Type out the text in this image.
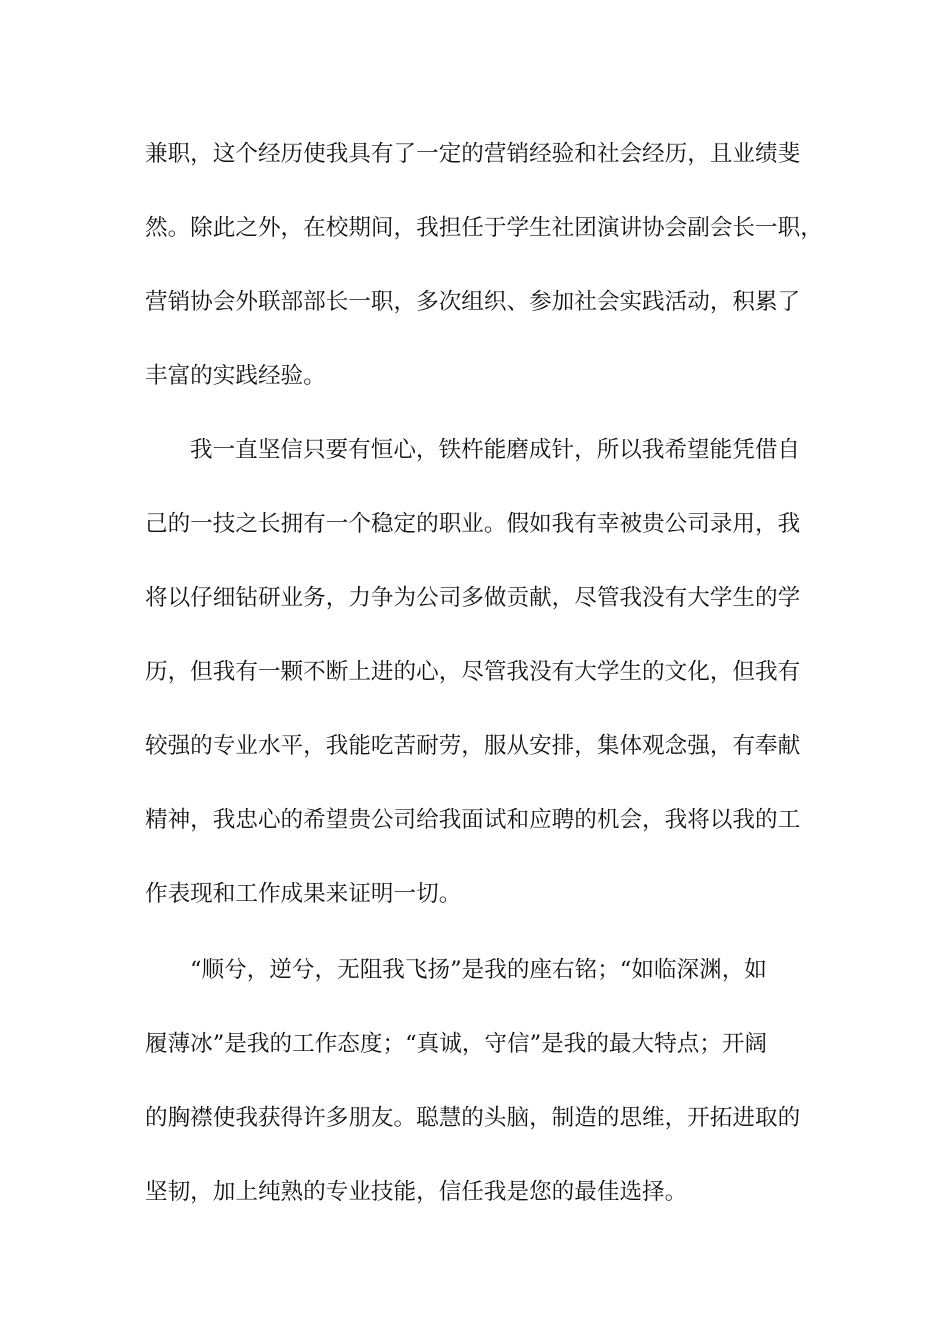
兼职，这个经历使我具有了一定的营销经验和社会经历，且业绩斐
然。除此之外，在校期间，我担任于学生社团演讲协会副会长一职，
营销协会外联部部长一职，多次组织、参加社会实践活动，积累了
丰富的实践经验。
我一直坚信只要有恒心，铁杵能磨成针，所以我希望能凭借自
己的一技之长拥有一个稳定的职业。假如我有幸被贵公司录用，我
将以仔细钻研业务，力争为公司多做贡献，尽管我没有大学生的学
历，但我有一颗不断上进的心，尽管我没有大学生的文化，但我有
较强的专业水平，我能吃苦耐劳，服从安排，集体观念强，有奉献
精神，我忠心的希望贵公司给我面试和应聘的机会，我将以我的工
作表现和工作成果来证明一切。
“顺兮，逆兮，无阻我飞扬”是我的座右铭；“如临深渊，如
履薄冰”是我的工作态度；“真诚，守信”是我的最大特点；开阔
的胸襟使我获得许多朋友。聪慧的头脑，制造的思维，开拓进取的
坚韧，加上纯熟的专业技能，信任我是您的最佳选择。
